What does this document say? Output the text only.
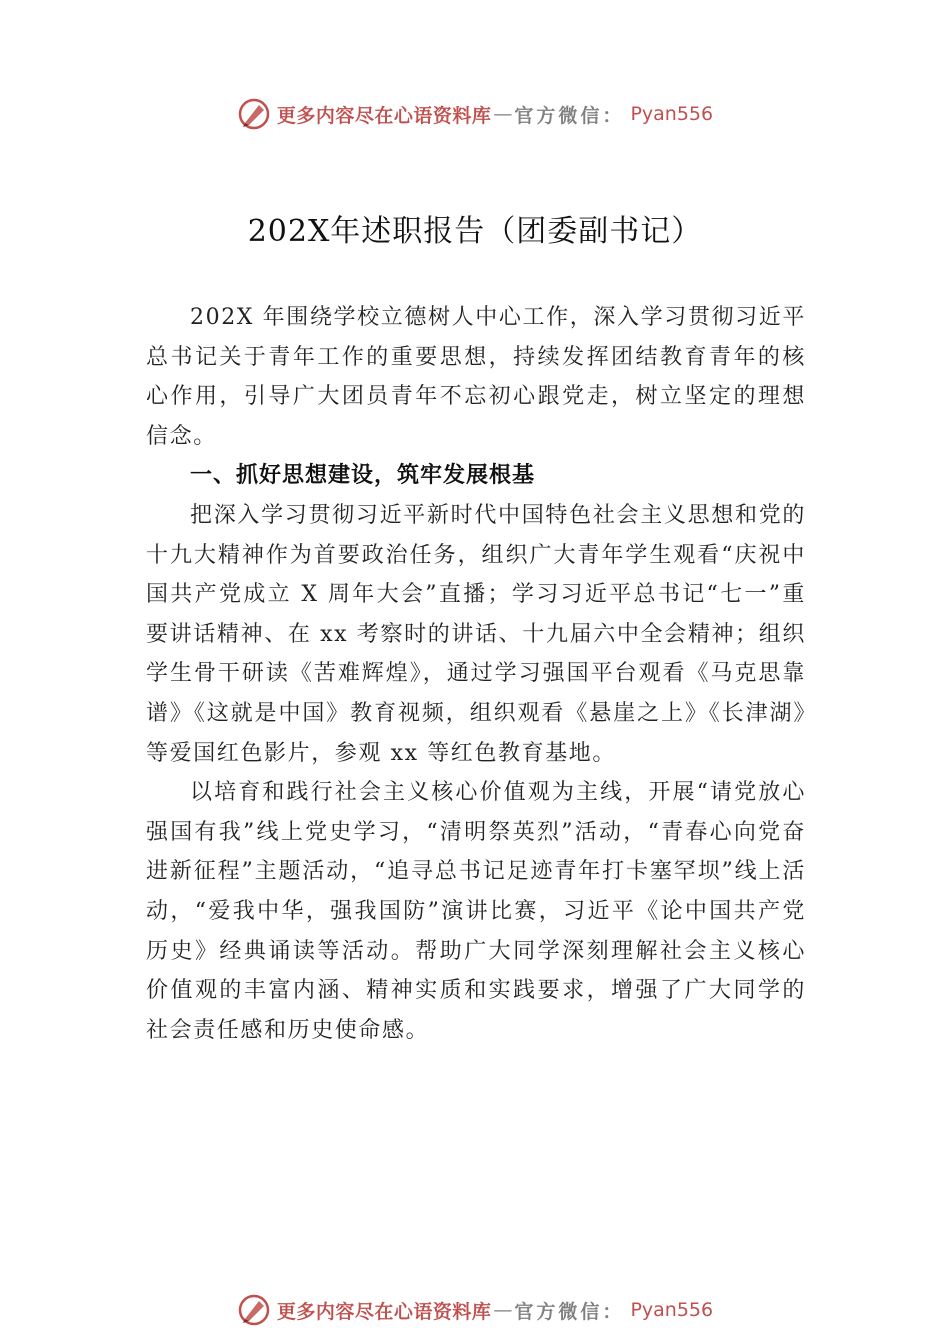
更多内容尽在心语资料库 — 官方微信： Pyan556
202X年述职报告（团委副书记）

202X 年围绕学校立德树人中心工作，深入学习贯彻习近平总书记关于青年工作的重要思想，持续发挥团结教育青年的核心作用，引导广大团员青年不忘初心跟党走，树立坚定的理想信念。

一、抓好思想建设，筑牢发展根基

把深入学习贯彻习近平新时代中国特色社会主义思想和党的十九大精神作为首要政治任务，组织广大青年学生观看“庆祝中国共产党成立 X 周年大会”直播；学习习近平总书记“七一”重要讲话精神、在 xx 考察时的讲话、十九届六中全会精神；组织学生骨干研读《苦难辉煌》，通过学习强国平台观看《马克思靠谱》《这就是中国》教育视频，组织观看《悬崖之上》《长津湖》等爱国红色影片，参观 xx 等红色教育基地。

以培育和践行社会主义核心价值观为主线，开展“请党放心强国有我”线上党史学习，“清明祭英烈”活动，“青春心向党奋进新征程”主题活动，“追寻总书记足迹青年打卡塞罕坝”线上活动，“爱我中华，强我国防”演讲比赛，习近平《论中国共产党历史》经典诵读等活动。帮助广大同学深刻理解社会主义核心价值观的丰富内涵、精神实质和实践要求，增强了广大同学的社会责任感和历史使命感。

更多内容尽在心语资料库 — 官方微信： Pyan556
